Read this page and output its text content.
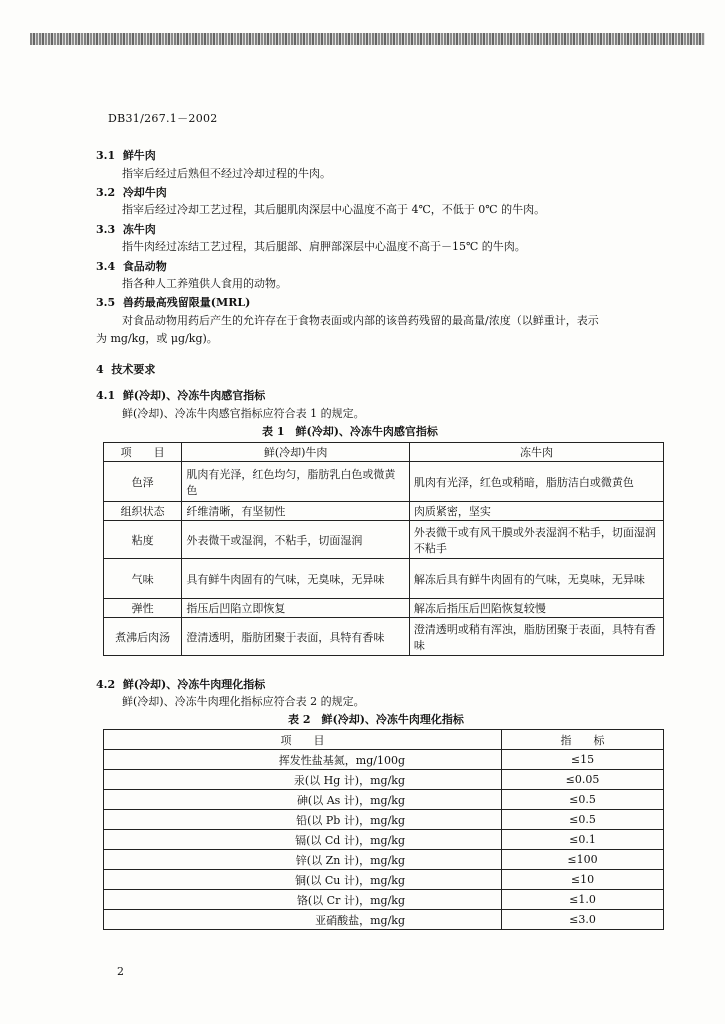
DB31/267.1－2002
3.1 鲜牛肉
指宰后经过后熟但不经过冷却过程的牛肉。
3.2 冷却牛肉
指宰后经过冷却工艺过程，其后腿肌肉深层中心温度不高于 4℃，不低于 0℃ 的牛肉。
3.3 冻牛肉
指牛肉经过冻结工艺过程，其后腿部、肩胛部深层中心温度不高于－15℃ 的牛肉。
3.4 食品动物
指各种人工养殖供人食用的动物。
3.5 兽药最高残留限量(MRL)
对食品动物用药后产生的允许存在于食物表面或内部的该兽药残留的最高量/浓度（以鲜重计，表示
为 mg/kg，或 μg/kg)。
4 技术要求
4.1 鲜(冷却)、冷冻牛肉感官指标
鲜(冷却)、冷冻牛肉感官指标应符合表 1 的规定。
表 1　鲜(冷却)、冷冻牛肉感官指标
项　　目	鲜(冷却)牛肉	冻牛肉
色泽	肌肉有光泽，红色均匀，脂肪乳白色或微黄色	肌肉有光泽，红色或稍暗，脂肪洁白或微黄色
组织状态	纤维清晰，有坚韧性	肉质紧密，坚实
粘度	外表微干或湿润，不粘手，切面湿润	外表微干或有风干膜或外表湿润不粘手，切面湿润不粘手
气味	具有鲜牛肉固有的气味，无臭味，无异味	解冻后具有鲜牛肉固有的气味，无臭味，无异味
弹性	指压后凹陷立即恢复	解冻后指压后凹陷恢复较慢
煮沸后肉汤	澄清透明，脂肪团聚于表面，具特有香味	澄清透明或稍有浑浊，脂肪团聚于表面，具特有香味
4.2 鲜(冷却)、冷冻牛肉理化指标
鲜(冷却)、冷冻牛肉理化指标应符合表 2 的规定。
表 2　鲜(冷却)、冷冻牛肉理化指标
项　　目	指　　标
挥发性盐基氮，mg/100g	≤15
汞(以 Hg 计)，mg/kg	≤0.05
砷(以 As 计)，mg/kg	≤0.5
铅(以 Pb 计)，mg/kg	≤0.5
镉(以 Cd 计)，mg/kg	≤0.1
锌(以 Zn 计)，mg/kg	≤100
铜(以 Cu 计)，mg/kg	≤10
铬(以 Cr 计)，mg/kg	≤1.0
亚硝酸盐，mg/kg	≤3.0
2
